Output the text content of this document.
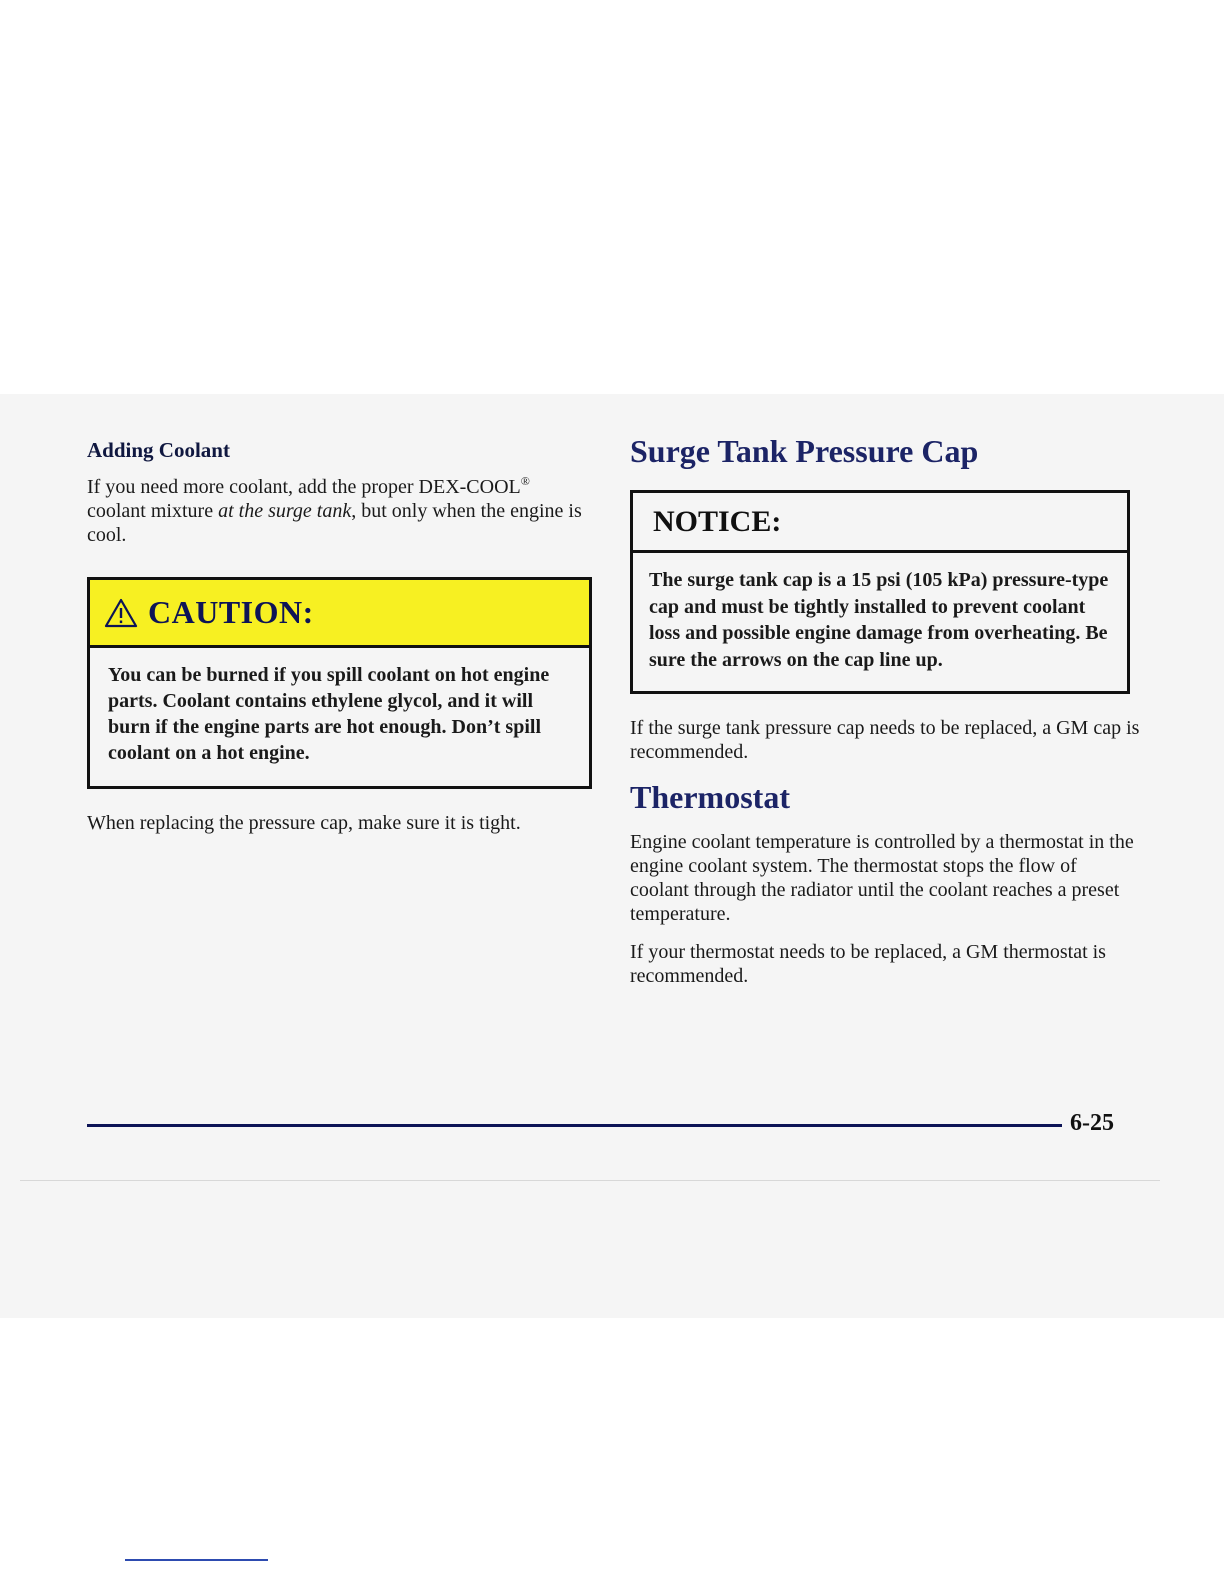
Adding Coolant

If you need more coolant, add the proper DEX-COOL® coolant mixture at the surge tank, but only when the engine is cool.

CAUTION:
You can be burned if you spill coolant on hot engine parts. Coolant contains ethylene glycol, and it will burn if the engine parts are hot enough. Don’t spill coolant on a hot engine.

When replacing the pressure cap, make sure it is tight.

Surge Tank Pressure Cap
NOTICE:
The surge tank cap is a 15 psi (105 kPa) pressure-type cap and must be tightly installed to prevent coolant loss and possible engine damage from overheating. Be sure the arrows on the cap line up.

If the surge tank pressure cap needs to be replaced, a GM cap is recommended.

Thermostat

Engine coolant temperature is controlled by a thermostat in the engine coolant system. The thermostat stops the flow of coolant through the radiator until the coolant reaches a preset temperature.

If your thermostat needs to be replaced, a GM thermostat is recommended.

6-25
